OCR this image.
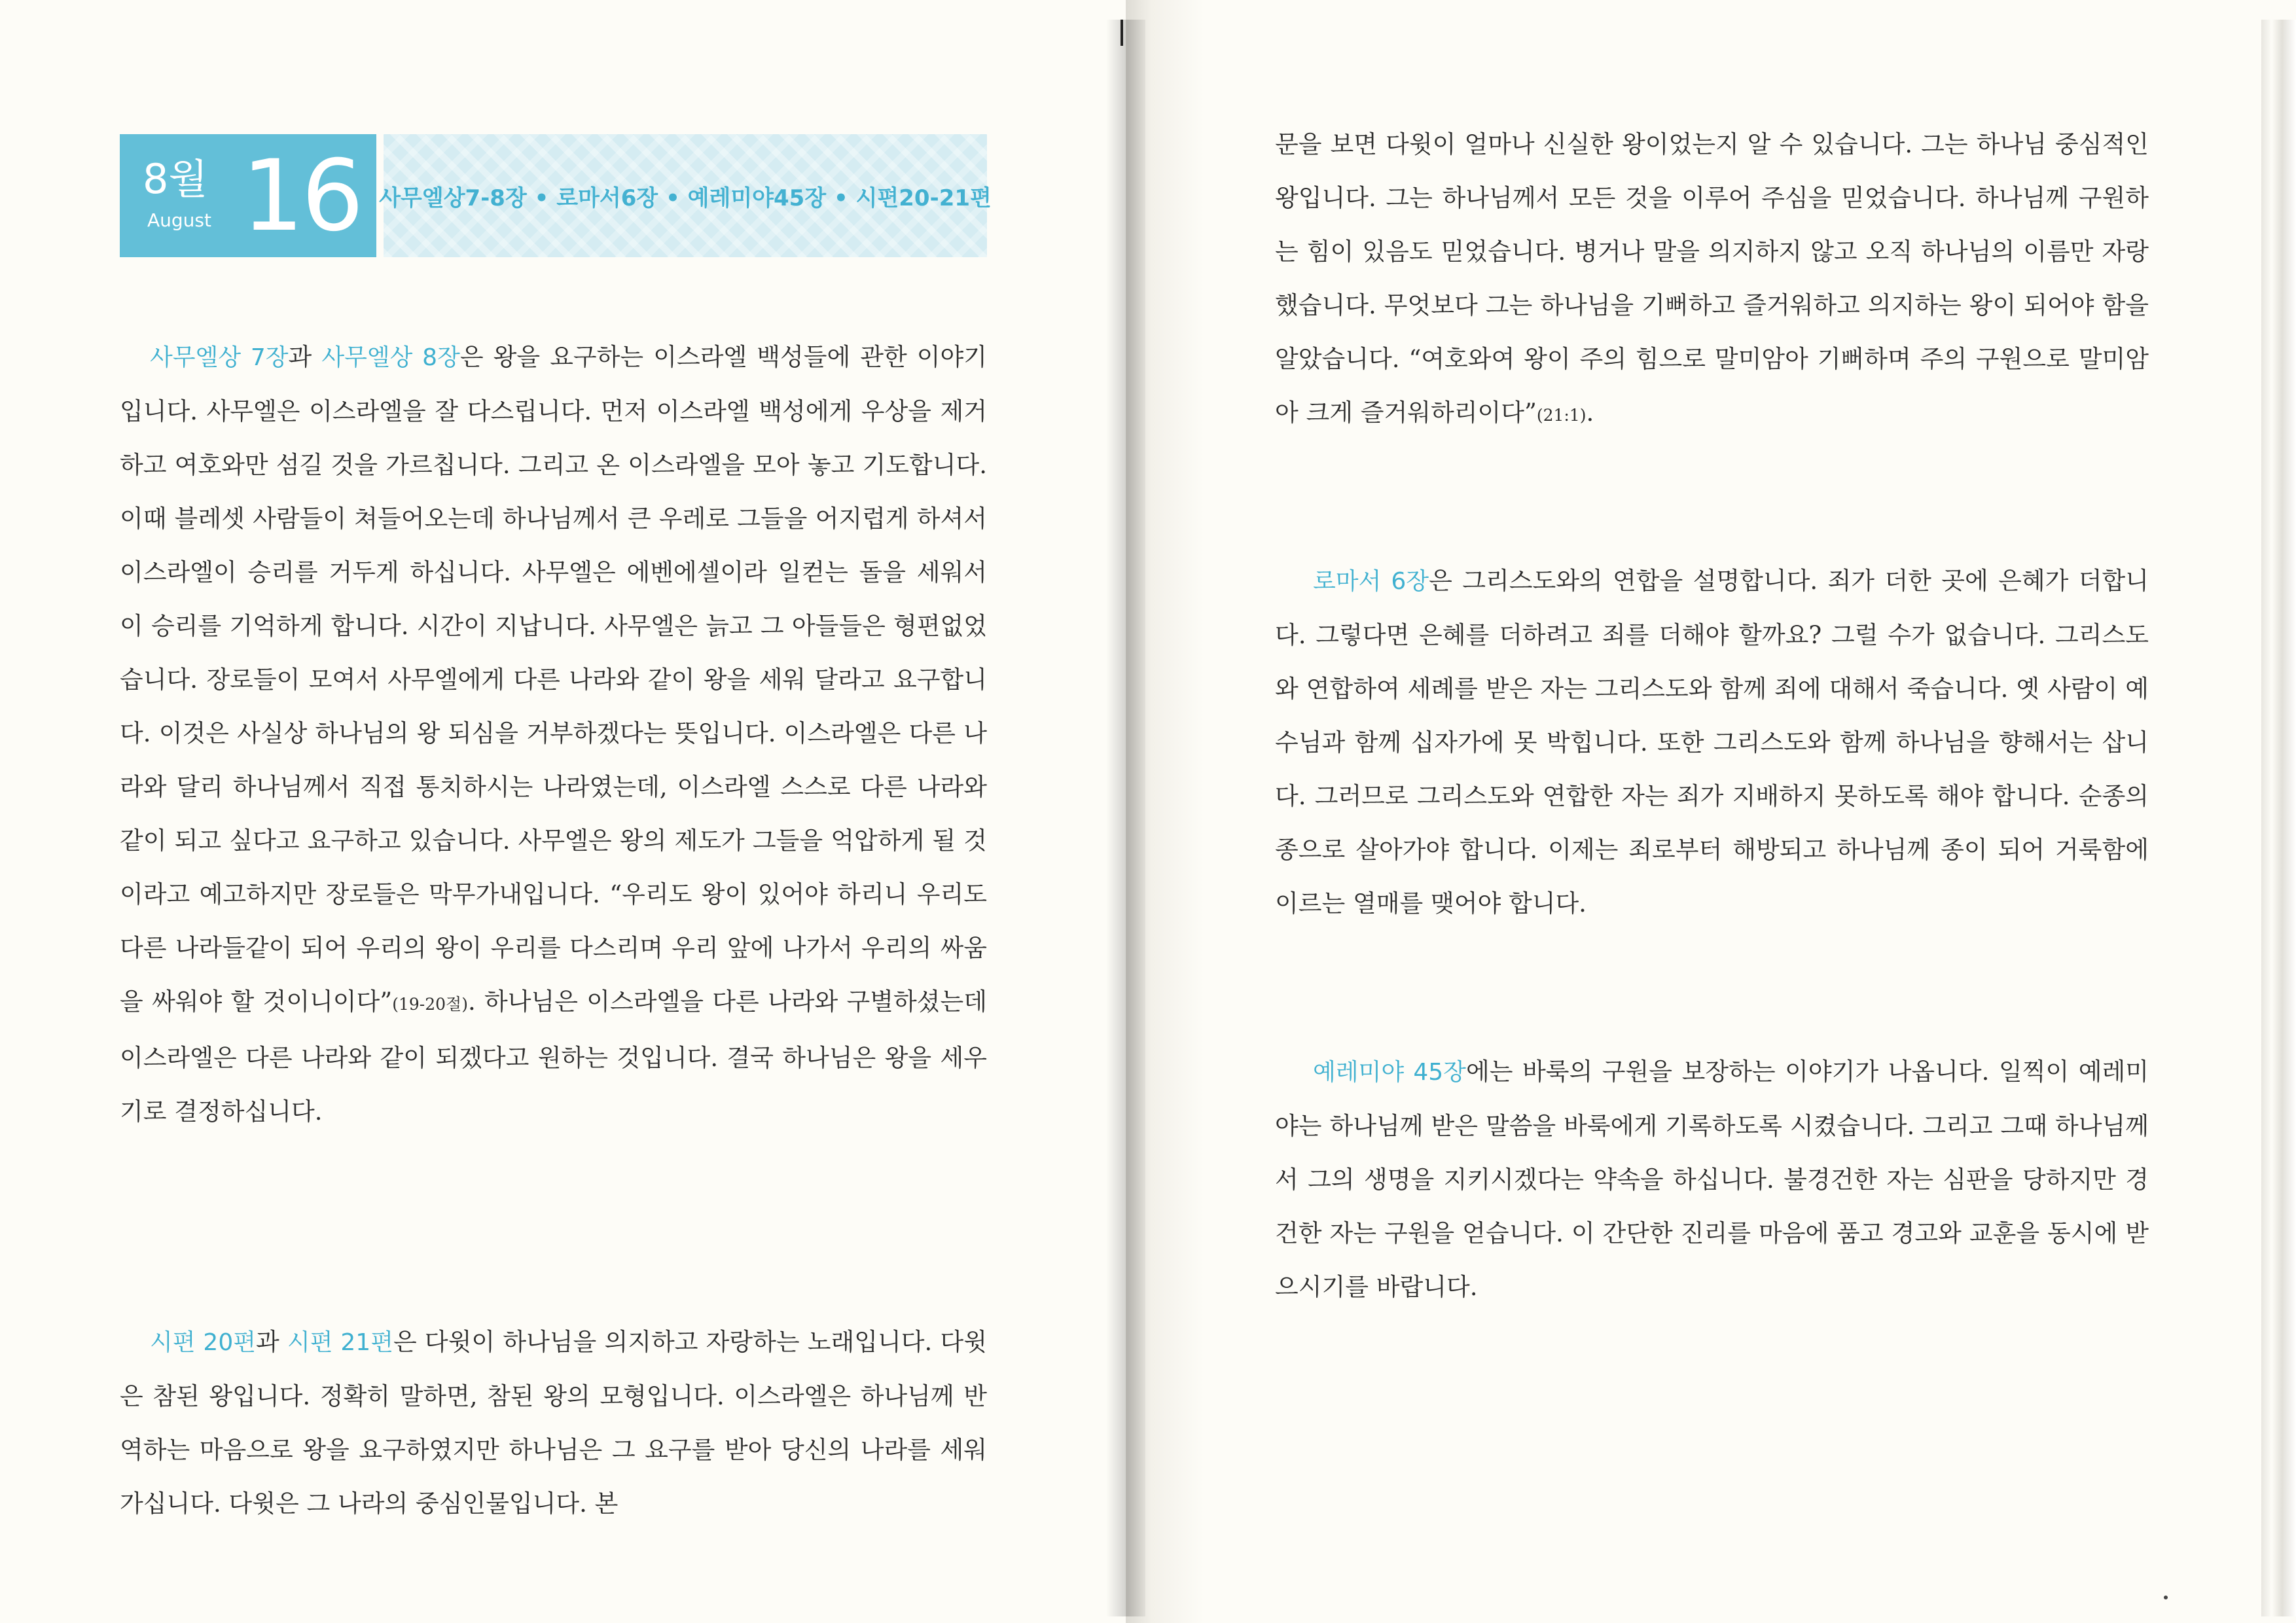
8월
August 16 사무엘상7-8장 • 로마서6장 • 예레미야45장 • 시편20-21편

사무엘상 7장과 사무엘상 8장은 왕을 요구하는 이스라엘 백성들에 관한 이야기입니다. 사무엘은 이스라엘을 잘 다스립니다. 먼저 이스라엘 백성에게 우상을 제거하고 여호와만 섬길 것을 가르칩니다. 그리고 온 이스라엘을 모아 놓고 기도합니다. 이때 블레셋 사람들이 쳐들어오는데 하나님께서 큰 우레로 그들을 어지럽게 하셔서 이스라엘이 승리를 거두게 하십니다. 사무엘은 에벤에셀이라 일컫는 돌을 세워서 이 승리를 기억하게 합니다. 시간이 지납니다. 사무엘은 늙고 그 아들들은 형편없었습니다. 장로들이 모여서 사무엘에게 다른 나라와 같이 왕을 세워 달라고 요구합니다. 이것은 사실상 하나님의 왕 되심을 거부하겠다는 뜻입니다. 이스라엘은 다른 나라와 달리 하나님께서 직접 통치하시는 나라였는데, 이스라엘 스스로 다른 나라와 같이 되고 싶다고 요구하고 있습니다. 사무엘은 왕의 제도가 그들을 억압하게 될 것이라고 예고하지만 장로들은 막무가내입니다. “우리도 왕이 있어야 하리니 우리도 다른 나라들같이 되어 우리의 왕이 우리를 다스리며 우리 앞에 나가서 우리의 싸움을 싸워야 할 것이니이다”(19-20절). 하나님은 이스라엘을 다른 나라와 구별하셨는데 이스라엘은 다른 나라와 같이 되겠다고 원하는 것입니다. 결국 하나님은 왕을 세우기로 결정하십니다.

시편 20편과 시편 21편은 다윗이 하나님을 의지하고 자랑하는 노래입니다. 다윗은 참된 왕입니다. 정확히 말하면, 참된 왕의 모형입니다. 이스라엘은 하나님께 반역하는 마음으로 왕을 요구하였지만 하나님은 그 요구를 받아 당신의 나라를 세워 가십니다. 다윗은 그 나라의 중심인물입니다. 본

문을 보면 다윗이 얼마나 신실한 왕이었는지 알 수 있습니다. 그는 하나님 중심적인 왕입니다. 그는 하나님께서 모든 것을 이루어 주심을 믿었습니다. 하나님께 구원하는 힘이 있음도 믿었습니다. 병거나 말을 의지하지 않고 오직 하나님의 이름만 자랑했습니다. 무엇보다 그는 하나님을 기뻐하고 즐거워하고 의지하는 왕이 되어야 함을 알았습니다. “여호와여 왕이 주의 힘으로 말미암아 기뻐하며 주의 구원으로 말미암아 크게 즐거워하리이다”(21:1).

로마서 6장은 그리스도와의 연합을 설명합니다. 죄가 더한 곳에 은혜가 더합니다. 그렇다면 은혜를 더하려고 죄를 더해야 할까요? 그럴 수가 없습니다. 그리스도와 연합하여 세례를 받은 자는 그리스도와 함께 죄에 대해서 죽습니다. 옛 사람이 예수님과 함께 십자가에 못 박힙니다. 또한 그리스도와 함께 하나님을 향해서는 삽니다. 그러므로 그리스도와 연합한 자는 죄가 지배하지 못하도록 해야 합니다. 순종의 종으로 살아가야 합니다. 이제는 죄로부터 해방되고 하나님께 종이 되어 거룩함에 이르는 열매를 맺어야 합니다.

예레미야 45장에는 바룩의 구원을 보장하는 이야기가 나옵니다. 일찍이 예레미야는 하나님께 받은 말씀을 바룩에게 기록하도록 시켰습니다. 그리고 그때 하나님께서 그의 생명을 지키시겠다는 약속을 하십니다. 불경건한 자는 심판을 당하지만 경건한 자는 구원을 얻습니다. 이 간단한 진리를 마음에 품고 경고와 교훈을 동시에 받으시기를 바랍니다.
